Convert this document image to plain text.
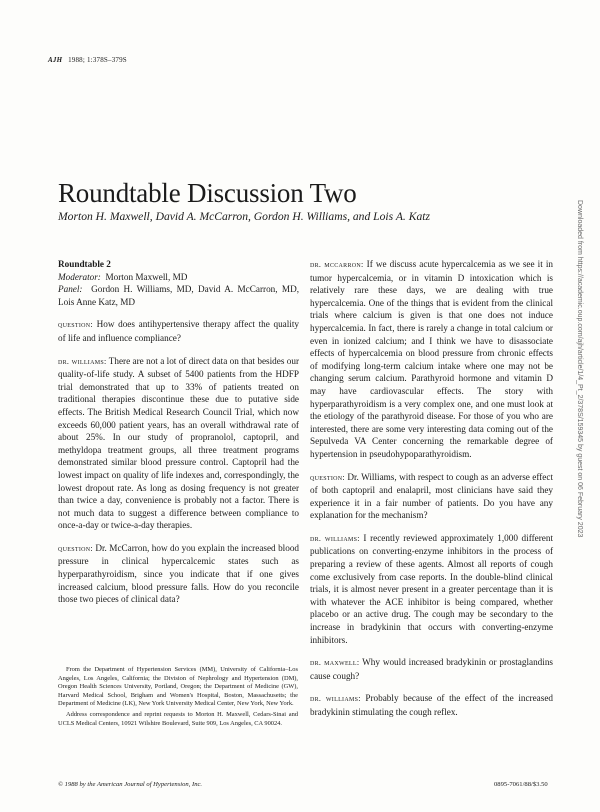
AJH 1988; 1:378S–379S
Roundtable Discussion Two
Morton H. Maxwell, David A. McCarron, Gordon H. Williams, and Lois A. Katz

Roundtable 2
Moderator: Morton Maxwell, MD
Panel: Gordon H. Williams, MD, David A. McCarron, MD, Lois Anne Katz, MD

question: How does antihypertensive therapy affect the quality of life and influence compliance?

dr. williams: There are not a lot of direct data on that besides our quality-of-life study. A subset of 5400 patients from the HDFP trial demonstrated that up to 33% of patients treated on traditional therapies discontinue these due to putative side effects. The British Medical Research Council Trial, which now exceeds 60,000 patient years, has an overall withdrawal rate of about 25%. In our study of propranolol, captopril, and methyldopa treatment groups, all three treatment programs demonstrated similar blood pressure control. Captopril had the lowest impact on quality of life indexes and, correspondingly, the lowest dropout rate. As long as dosing frequency is not greater than twice a day, convenience is probably not a factor. There is not much data to suggest a difference between compliance to once-a-day or twice-a-day therapies.

question: Dr. McCarron, how do you explain the increased blood pressure in clinical hypercalcemic states such as hyperparathyroidism, since you indicate that if one gives increased calcium, blood pressure falls. How do you reconcile those two pieces of clinical data?

dr. mccarron: If we discuss acute hypercalcemia as we see it in tumor hypercalcemia, or in vitamin D intoxication which is relatively rare these days, we are dealing with true hypercalcemia. One of the things that is evident from the clinical trials where calcium is given is that one does not induce hypercalcemia. In fact, there is rarely a change in total calcium or even in ionized calcium; and I think we have to disassociate effects of hypercalcemia on blood pressure from chronic effects of modifying long-term calcium intake where one may not be changing serum calcium. Parathyroid hormone and vitamin D may have cardiovascular effects. The story with hyperparathyroidism is a very complex one, and one must look at the etiology of the parathyroid disease. For those of you who are interested, there are some very interesting data coming out of the Sepulveda VA Center concerning the remarkable degree of hypertension in pseudohypoparathyroidism.

question: Dr. Williams, with respect to cough as an adverse effect of both captopril and enalapril, most clinicians have said they experience it in a fair number of patients. Do you have any explanation for the mechanism?

dr. williams: I recently reviewed approximately 1,000 different publications on converting-enzyme inhibitors in the process of preparing a review of these agents. Almost all reports of cough come exclusively from case reports. In the double-blind clinical trials, it is almost never present in a greater percentage than it is with whatever the ACE inhibitor is being compared, whether placebo or an active drug. The cough may be secondary to the increase in bradykinin that occurs with converting-enzyme inhibitors.

dr. maxwell: Why would increased bradykinin or prostaglandins cause cough?

dr. williams: Probably because of the effect of the increased bradykinin stimulating the cough reflex.

From the Department of Hypertension Services (MM), University of California–Los Angeles, Los Angeles, California; the Division of Nephrology and Hypertension (DM), Oregon Health Sciences University, Portland, Oregon; the Department of Medicine (GW), Harvard Medical School, Brigham and Women's Hospital, Boston, Massachusetts; the Department of Medicine (LK), New York University Medical Center, New York, New York.

Address correspondence and reprint requests to Morton H. Maxwell, Cedars-Sinai and UCLS Medical Centers, 10921 Wilshire Boulevard, Suite 909, Los Angeles, CA 90024.

© 1988 by the American Journal of Hypertension, Inc.	0895-7061/88/$3.50
Downloaded from https://academic.oup.com/ajh/article/1/4_Pt_2/378S/159345 by guest on 06 February 2023
